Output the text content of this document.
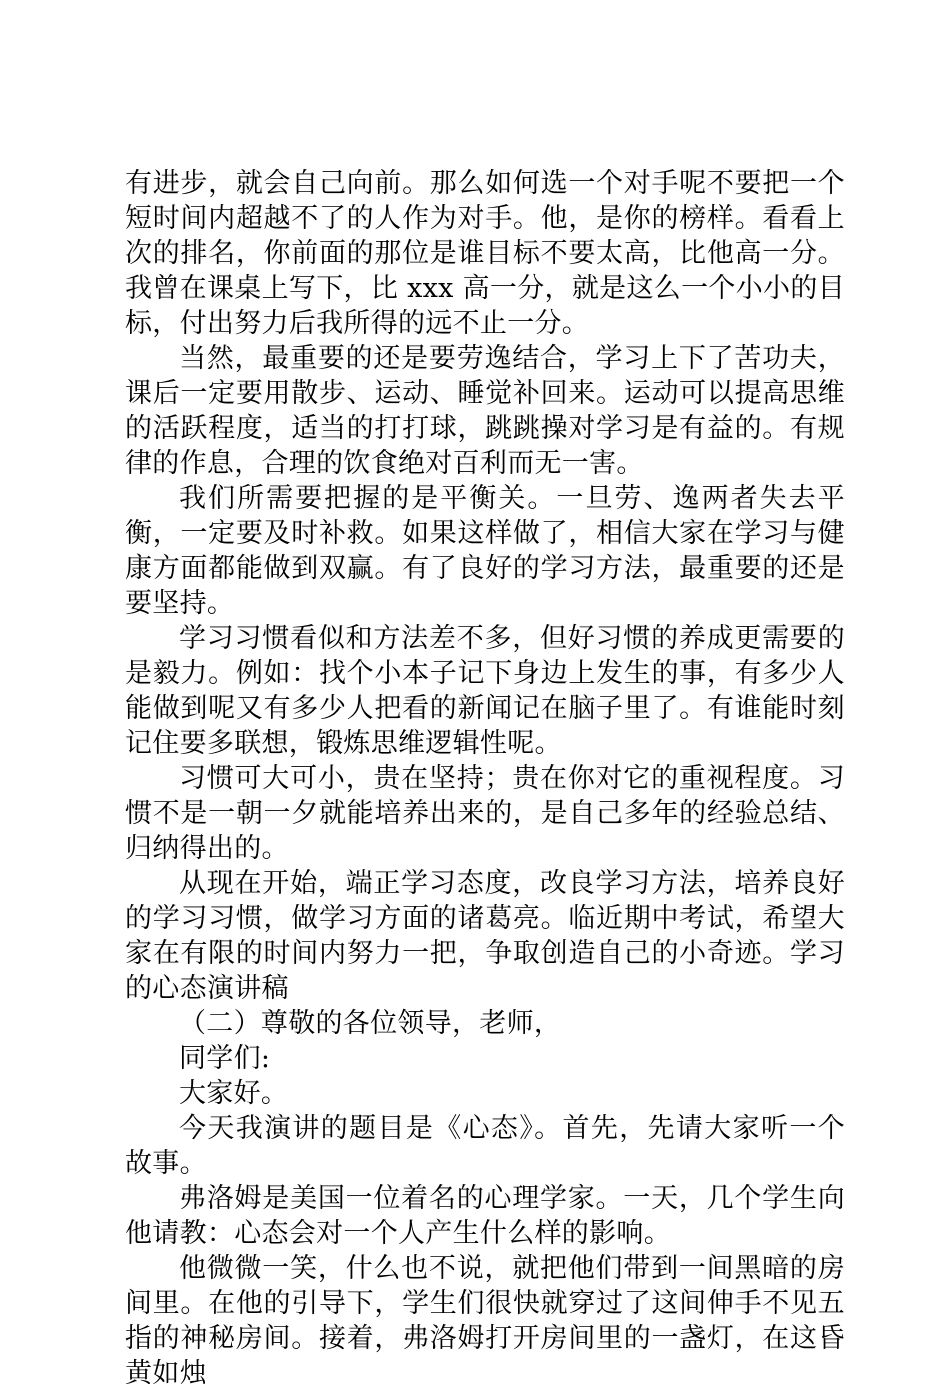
有进步，就会自己向前。那么如何选一个对手呢不要把一个短时间内超越不了的人作为对手。他，是你的榜样。看看上次的排名，你前面的那位是谁目标不要太高，比他高一分。我曾在课桌上写下，比 xxx 高一分，就是这么一个小小的目标，付出努力后我所得的远不止一分。

当然，最重要的还是要劳逸结合，学习上下了苦功夫，课后一定要用散步、运动、睡觉补回来。运动可以提高思维的活跃程度，适当的打打球，跳跳操对学习是有益的。有规律的作息，合理的饮食绝对百利而无一害。

我们所需要把握的是平衡关。一旦劳、逸两者失去平衡，一定要及时补救。如果这样做了，相信大家在学习与健康方面都能做到双赢。有了良好的学习方法，最重要的还是要坚持。

学习习惯看似和方法差不多，但好习惯的养成更需要的是毅力。例如：找个小本子记下身边上发生的事，有多少人能做到呢又有多少人把看的新闻记在脑子里了。有谁能时刻记住要多联想，锻炼思维逻辑性呢。

习惯可大可小，贵在坚持；贵在你对它的重视程度。习惯不是一朝一夕就能培养出来的，是自己多年的经验总结、归纳得出的。

从现在开始，端正学习态度，改良学习方法，培养良好的学习习惯，做学习方面的诸葛亮。临近期中考试，希望大家在有限的时间内努力一把，争取创造自己的小奇迹。学习的心态演讲稿

（二）尊敬的各位领导，老师，

同学们:

大家好。

今天我演讲的题目是《心态》。首先，先请大家听一个故事。

弗洛姆是美国一位着名的心理学家。一天，几个学生向他请教：心态会对一个人产生什么样的影响。

他微微一笑，什么也不说，就把他们带到一间黑暗的房间里。在他的引导下，学生们很快就穿过了这间伸手不见五指的神秘房间。接着，弗洛姆打开房间里的一盏灯，在这昏黄如烛
